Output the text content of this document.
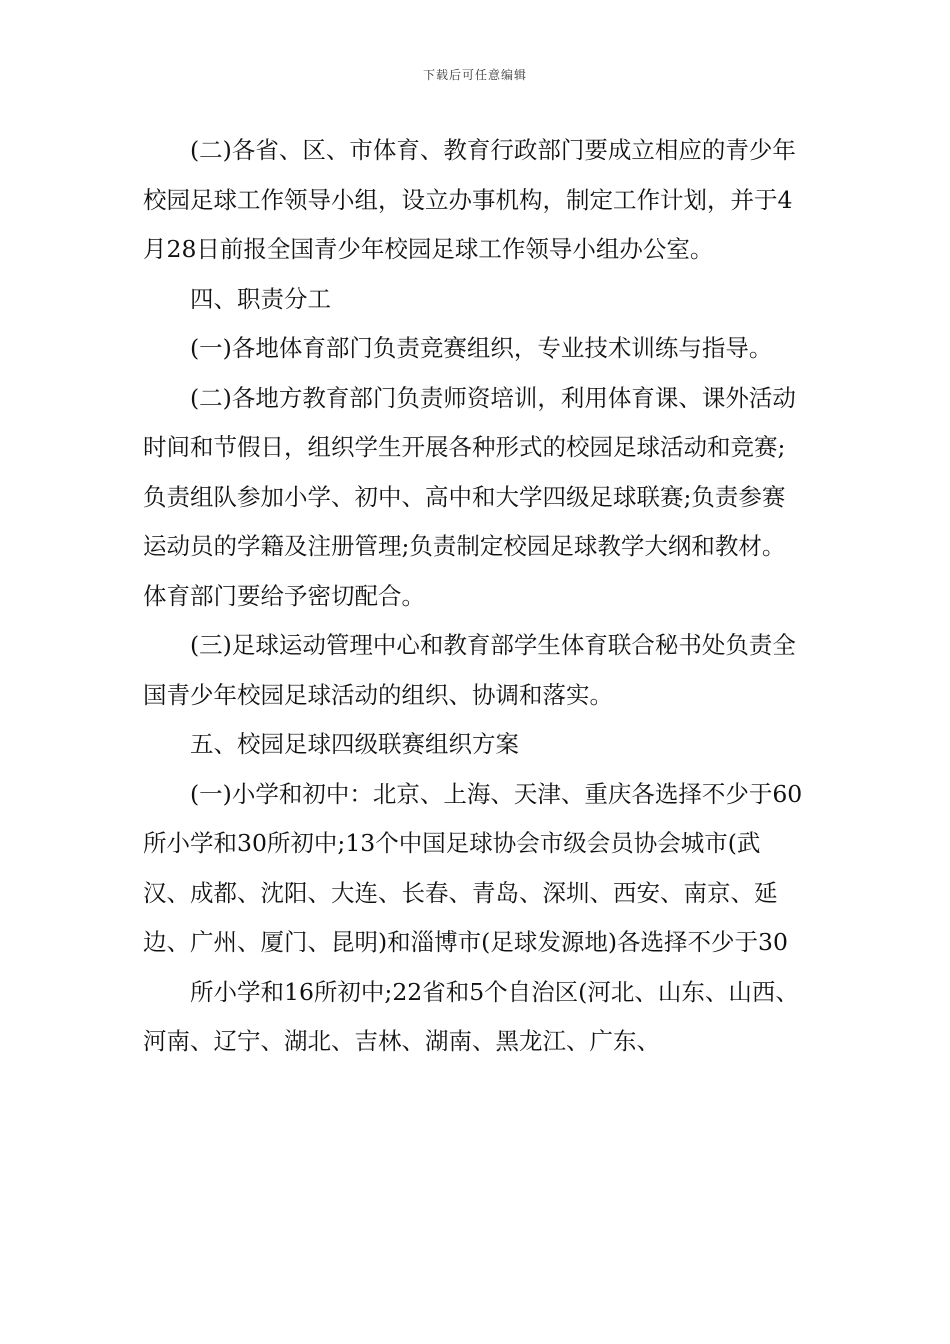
下载后可任意编辑

(二)各省、区、市体育、教育行政部门要成立相应的青少年校园足球工作领导小组，设立办事机构，制定工作计划，并于4月28日前报全国青少年校园足球工作领导小组办公室。

四、职责分工

(一)各地体育部门负责竞赛组织，专业技术训练与指导。

(二)各地方教育部门负责师资培训，利用体育课、课外活动时间和节假日，组织学生开展各种形式的校园足球活动和竞赛;负责组队参加小学、初中、高中和大学四级足球联赛;负责参赛运动员的学籍及注册管理;负责制定校园足球教学大纲和教材。体育部门要给予密切配合。

(三)足球运动管理中心和教育部学生体育联合秘书处负责全国青少年校园足球活动的组织、协调和落实。

五、校园足球四级联赛组织方案

(一)小学和初中：北京、上海、天津、重庆各选择不少于60所小学和30所初中;13个中国足球协会市级会员协会城市(武汉、成都、沈阳、大连、长春、青岛、深圳、西安、南京、延边、广州、厦门、昆明)和淄博市(足球发源地)各选择不少于30

所小学和16所初中;22省和5个自治区(河北、山东、山西、河南、辽宁、湖北、吉林、湖南、黑龙江、广东、
